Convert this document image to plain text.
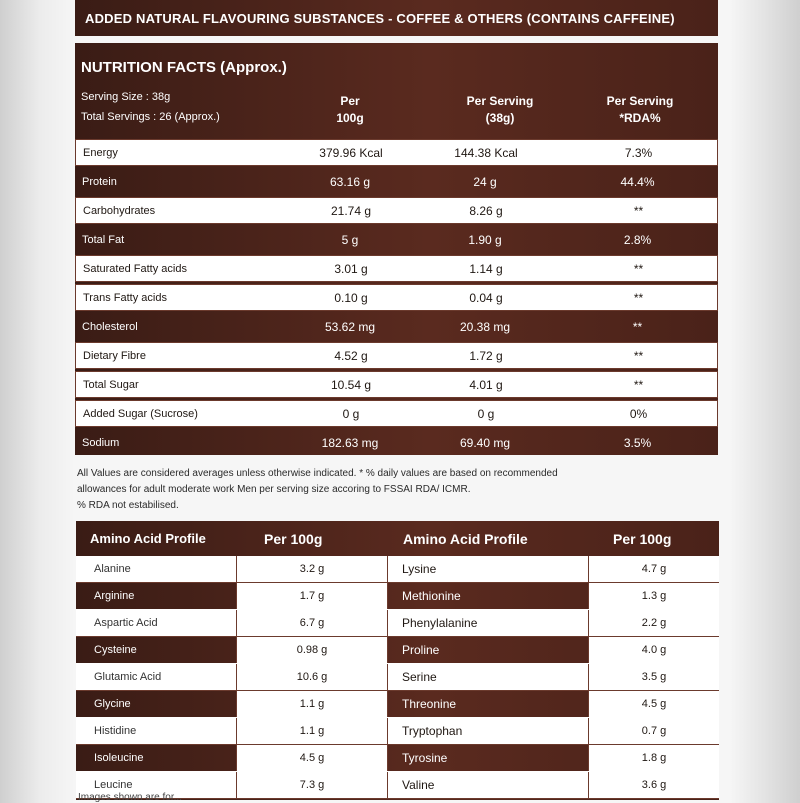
ADDED NATURAL FLAVOURING SUBSTANCES - COFFEE & OTHERS (CONTAINS CAFFEINE)
NUTRITION FACTS (Approx.)
Serving Size : 38g
Total Servings : 26 (Approx.)
Per
100g
Per Serving
(38g)
Per Serving
*RDA%
Energy	379.96 Kcal	144.38 Kcal	7.3%
Protein	63.16 g	24 g	44.4%
Carbohydrates	21.74 g	8.26 g	**
Total Fat	5 g	1.90 g	2.8%
Saturated Fatty acids	3.01 g	1.14 g	**
Trans Fatty acids	0.10 g	0.04 g	**
Cholesterol	53.62 mg	20.38 mg	**
Dietary Fibre	4.52 g	1.72 g	**
Total Sugar	10.54 g	4.01 g	**
Added Sugar (Sucrose)	0 g	0 g	0%
Sodium	182.63 mg	69.40 mg	3.5%
All Values are considered averages unless otherwise indicated. * % daily values are based on recommended
allowances for adult moderate work Men per serving size accoring to FSSAI RDA/ ICMR.
% RDA not estabilised.
Amino Acid Profile	Per 100g	Amino Acid Profile	Per 100g
Alanine	3.2 g	Lysine	4.7 g
Arginine	1.7 g	Methionine	1.3 g
Aspartic Acid	6.7 g	Phenylalanine	2.2 g
Cysteine	0.98 g	Proline	4.0 g
Glutamic Acid	10.6 g	Serine	3.5 g
Glycine	1.1 g	Threonine	4.5 g
Histidine	1.1 g	Tryptophan	0.7 g
Isoleucine	4.5 g	Tyrosine	1.8 g
Leucine	7.3 g	Valine	3.6 g
Images shown are for...
